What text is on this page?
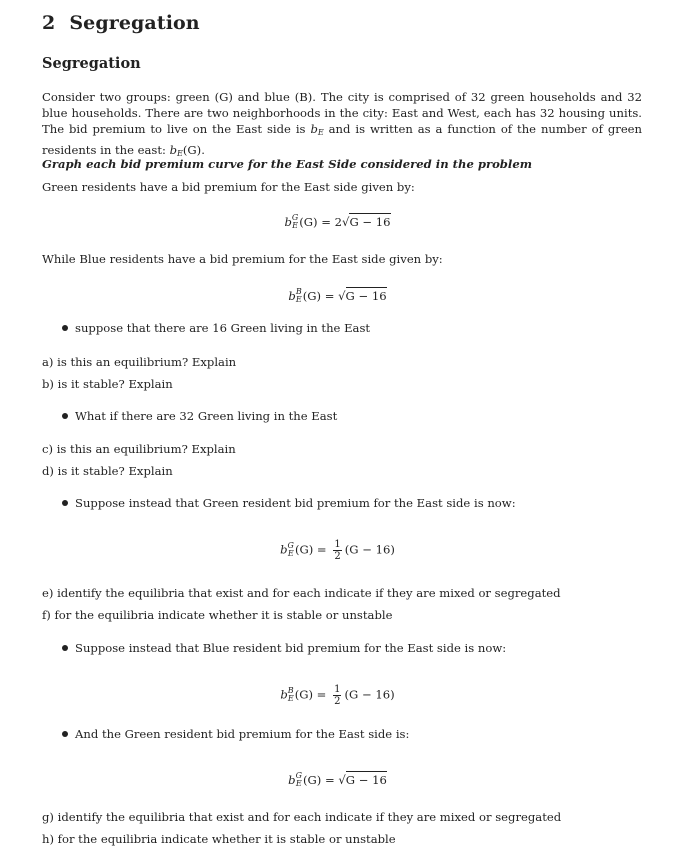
2 Segregation
Segregation
Consider two groups: green (G) and blue (B). The city is comprised of 32 green households and 32 blue households. There are two neighborhoods in the city: East and West, each has 32 housing units. The bid premium to live on the East side is bE and is written as a function of the number of green residents in the east: bE(G).
Graph each bid premium curve for the East Side considered in the problem
Green residents have a bid premium for the East side given by:
b G
E (G) = 2√G − 16
While Blue residents have a bid premium for the East side given by:
b B
E (G) = √G − 16
suppose that there are 16 Green living in the East
a) is this an equilibrium? Explain
b) is it stable? Explain
What if there are 32 Green living in the East
c) is this an equilibrium? Explain
d) is it stable? Explain
Suppose instead that Green resident bid premium for the East side is now:
b G
E $(G) = \frac{1}{2} (G - 16)$
e) identify the equilibria that exist and for each indicate if they are mixed or segregated
f) for the equilibria indicate whether it is stable or unstable
Suppose instead that Blue resident bid premium for the East side is now:
b B
E $(G) = \frac{1}{2} (G - 16)$
And the Green resident bid premium for the East side is:
b G
E (G) = √G − 16
g) identify the equilibria that exist and for each indicate if they are mixed or segregated
h) for the equilibria indicate whether it is stable or unstable
